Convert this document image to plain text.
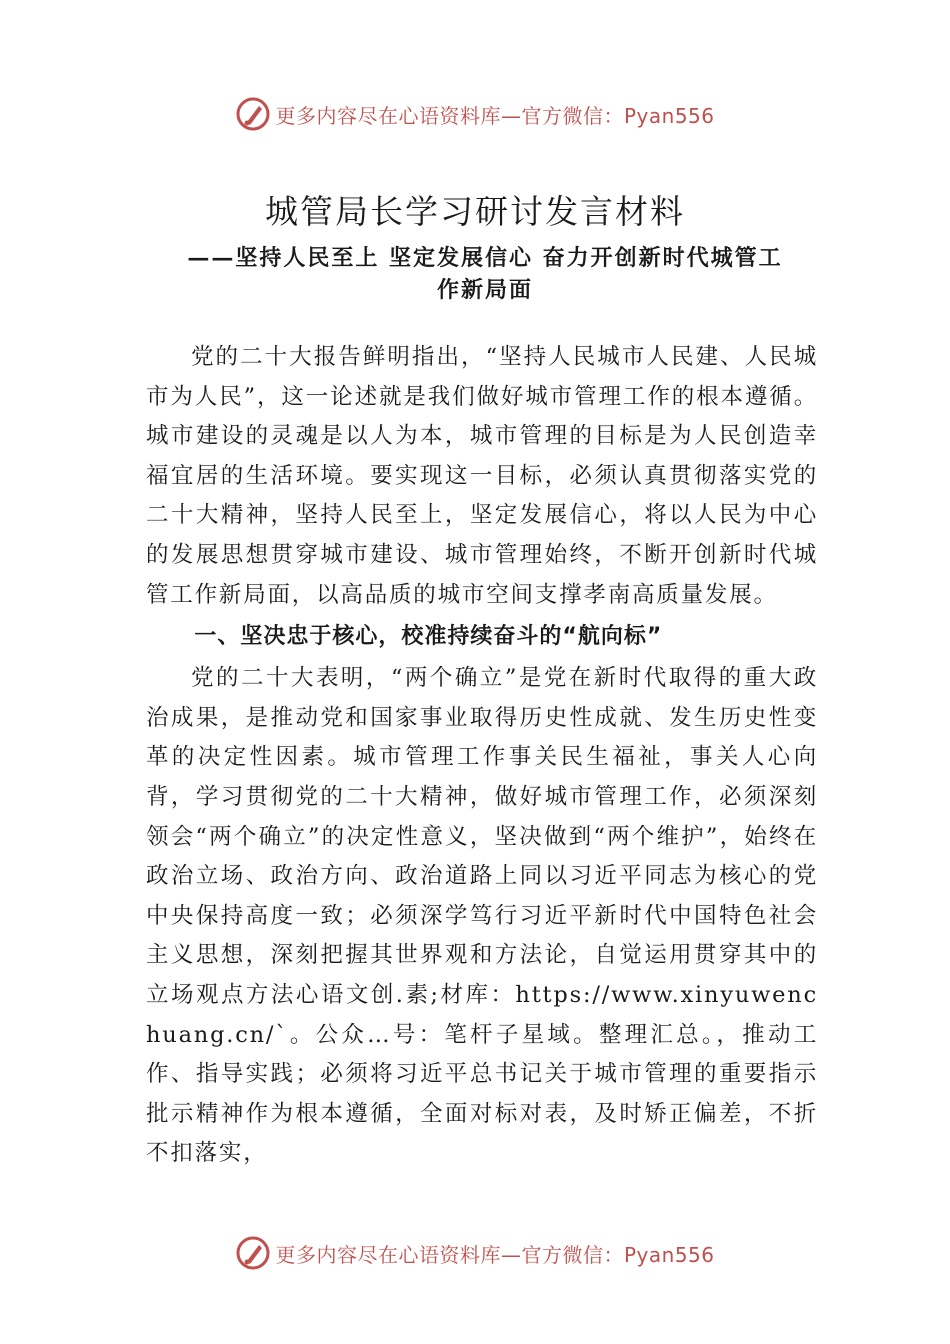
更多内容尽在心语资料库—官方微信：Pyan556
城管局长学习研讨发言材料
——坚持人民至上 坚定发展信心 奋力开创新时代城管工作新局面

党的二十大报告鲜明指出，“坚持人民城市人民建、人民城市为人民”，这一论述就是我们做好城市管理工作的根本遵循。城市建设的灵魂是以人为本，城市管理的目标是为人民创造幸福宜居的生活环境。要实现这一目标，必须认真贯彻落实党的二十大精神，坚持人民至上，坚定发展信心，将以人民为中心的发展思想贯穿城市建设、城市管理始终，不断开创新时代城管工作新局面，以高品质的城市空间支撑孝南高质量发展。

一、坚决忠于核心，校准持续奋斗的“航向标”

党的二十大表明，“两个确立”是党在新时代取得的重大政治成果，是推动党和国家事业取得历史性成就、发生历史性变革的决定性因素。城市管理工作事关民生福祉，事关人心向背，学习贯彻党的二十大精神，做好城市管理工作，必须深刻领会“两个确立”的决定性意义，坚决做到“两个维护”，始终在政治立场、政治方向、政治道路上同以习近平同志为核心的党中央保持高度一致；必须深学笃行习近平新时代中国特色社会主义思想，深刻把握其世界观和方法论，自觉运用贯穿其中的立场观点方法心语文创.素;材库：https://www.xinyuwenchuang.cn/`。公众…号：笔杆子星域。整理汇总。，推动工作、指导实践；必须将习近平总书记关于城市管理的重要指示批示精神作为根本遵循，全面对标对表，及时矫正偏差，不折不扣落实，

更多内容尽在心语资料库—官方微信：Pyan556
